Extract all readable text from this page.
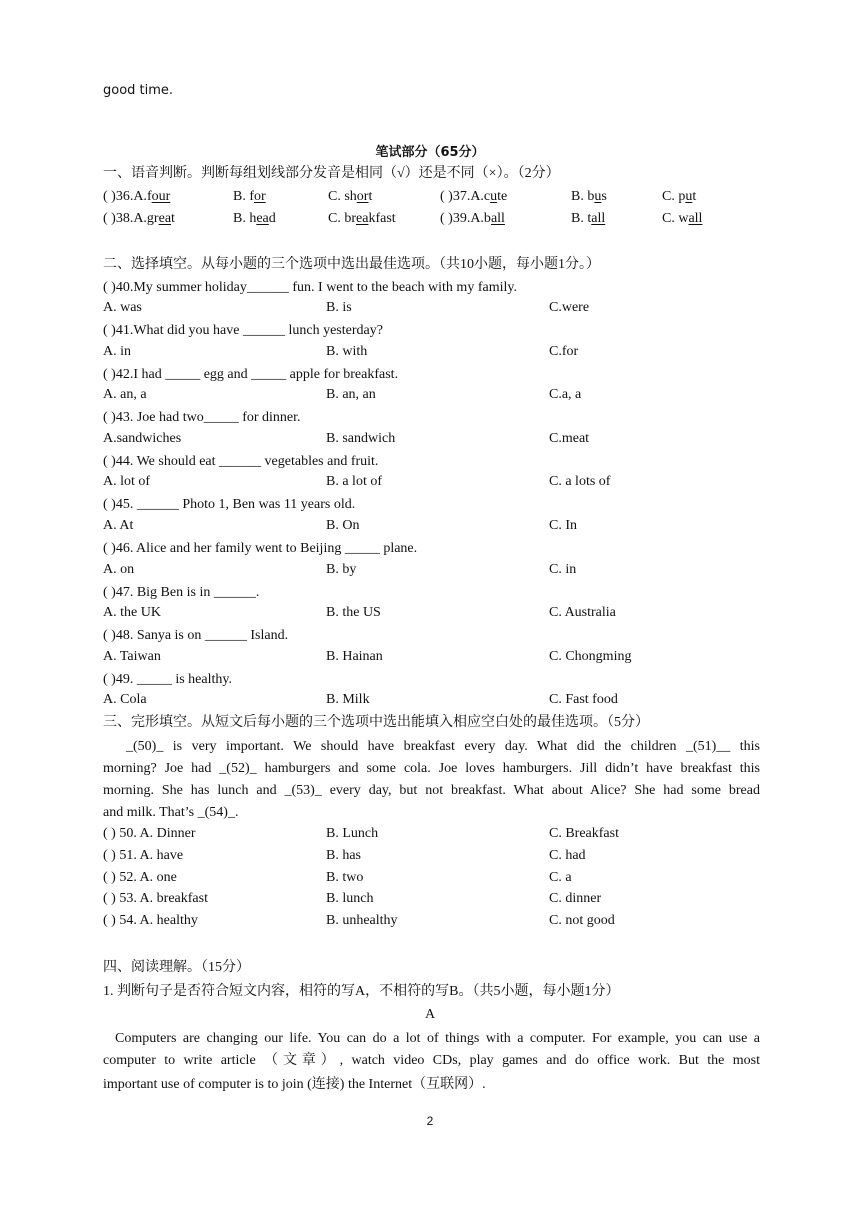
good time.
笔试部分（65分）
一、语音判断。判断每组划线部分发音是相同（√）还是不同（×）。（2分）
( )36.A.four	B. for	C. short	( )37.A.cute	B. bus	C. put
( )38.A.great	B. head	C. breakfast	( )39.A.ball	B. tall	C. wall
二、选择填空。从每小题的三个选项中选出最佳选项。（共10小题，每小题1分。）
( )40.My summer holiday______ fun. I went to the beach with my family.
A. was	B. is	C.were
( )41.What did you have ______ lunch yesterday?
A. in	B. with	C.for
( )42.I had _____ egg and _____ apple for breakfast.
A. an, a	B. an, an	C.a, a
( )43. Joe had two_____ for dinner.
A.sandwiches	B. sandwich	C.meat
( )44. We should eat ______ vegetables and fruit.
A. lot of	B. a lot of	C. a lots of
( )45. ______ Photo 1, Ben was 11 years old.
A. At	B. On	C. In
( )46. Alice and her family went to Beijing _____ plane.
A. on	B. by	C. in
( )47. Big Ben is in ______.
A. the UK	B. the US	C. Australia
( )48. Sanya is on ______ Island.
A. Taiwan	B. Hainan	C. Chongming
( )49. _____ is healthy.
A. Cola	B. Milk	C. Fast food
三、完形填空。从短文后每小题的三个选项中选出能填入相应空白处的最佳选项。（5分）
_(50)_ is very important. We should have breakfast every day. What did the children _(51)__ this
morning? Joe had _(52)_ hamburgers and some cola. Joe loves hamburgers. Jill didn’t have breakfast this
morning. She has lunch and _(53)_ every day, but not breakfast. What about Alice? She had some bread
and milk. That’s _(54)_.
( ) 50. A. Dinner	B. Lunch	C. Breakfast
( ) 51. A. have	B. has	C. had
( ) 52. A. one	B. two	C. a
( ) 53. A. breakfast	B. lunch	C. dinner
( ) 54. A. healthy	B. unhealthy	C. not good
四、阅读理解。（15分）
1. 判断句子是否符合短文内容，相符的写A，不相符的写B。（共5小题，每小题1分）
A
Computers are changing our life. You can do a lot of things with a computer. For example, you can use a
computer to write article （文章）, watch video CDs, play games and do office work. But the most
important use of computer is to join (连接) the Internet（互联网）.
2
